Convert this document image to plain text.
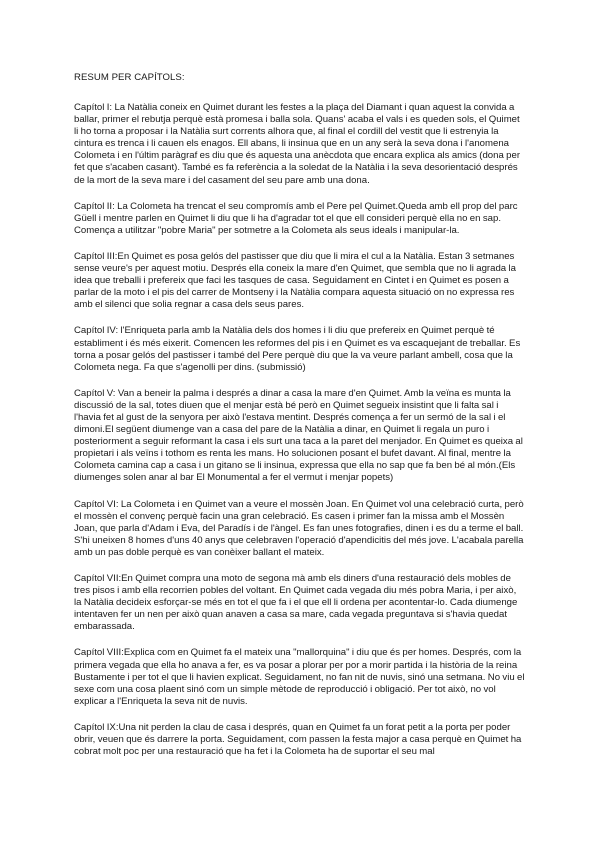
RESUM PER CAPÍTOLS:

Capítol I: La Natàlia coneix en Quimet durant les festes a la plaça del Diamant i quan aquest la convida a ballar, primer el rebutja perquè està promesa i balla sola. Quans' acaba el vals i es queden sols, el Quimet li ho torna a proposar i la Natàlia surt corrents alhora que, al final el cordill del vestit que li estrenyia la cintura es trenca i li cauen els enagos. Ell abans, li insinua que en un any serà la seva dona i l'anomena Colometa i en l'últim paràgraf es diu que és aquesta una anècdota que encara explica als amics (dona per fet que s'acaben casant). També es fa referència a la soledat de la Natàlia i la seva desorientació després de la mort de la seva mare i del casament del seu pare amb una dona.

Capítol II: La Colometa ha trencat el seu compromís amb el Pere pel Quimet.Queda amb ell prop del parc Güell i mentre parlen en Quimet li diu que li ha d'agradar tot el que ell consideri perquè ella no en sap. Comença a utilitzar "pobre Maria" per sotmetre a la Colometa als seus ideals i manipular-la.

Capítol III:En Quimet es posa gelós del pastisser que diu que li mira el cul a la Natàlia. Estan 3 setmanes sense veure's per aquest motiu. Després ella coneix la mare d'en Quimet, que sembla que no li agrada la idea que treballi i prefereix que faci les tasques de casa. Seguidament en Cintet i en Quimet es posen a parlar de la moto i el pis del carrer de Montseny i la Natàlia compara aquesta situació on no expressa res amb el silenci que solia regnar a casa dels seus pares.

Capítol IV: l'Enriqueta parla amb la Natàlia dels dos homes i li diu que prefereix en Quimet perquè té establiment i és més eixerit. Comencen les reformes del pis i en Quimet es va escaquejant de treballar. Es torna a posar gelós del pastisser i també del Pere perquè diu que la va veure parlant ambell, cosa que la Colometa nega. Fa que s'agenolli per dins. (submissió)

Capítol V: Van a beneir la palma i després a dinar a casa la mare d'en Quimet. Amb la veïna es munta la discussió de la sal, totes diuen que el menjar està bé però en Quimet segueix insistint que li falta sal i l'havia fet al gust de la senyora per això l'estava mentint. Després comença a fer un sermó de la sal i el dimoni.El següent diumenge van a casa del pare de la Natàlia a dinar, en Quimet li regala un puro i posteriorment a seguir reformant la casa i els surt una taca a la paret del menjador. En Quimet es queixa al propietari i als veïns i tothom es renta les mans. Ho solucionen posant el bufet davant. Al final, mentre la Colometa camina cap a casa i un gitano se li insinua, expressa que ella no sap que fa ben bé al món.(Els diumenges solen anar al bar El Monumental a fer el vermut i menjar popets)

Capítol VI: La Colometa i en Quimet van a veure el mossèn Joan. En Quimet vol una celebració curta, però el mossèn el convenç perquè facin una gran celebració. Es casen i primer fan la missa amb el Mossèn Joan, que parla d'Adam i Eva, del Paradís i de l'àngel. Es fan unes fotografies, dinen i es du a terme el ball. S'hi uneixen 8 homes d'uns 40 anys que celebraven l'operació d'apendicitis del més jove. L'acabala parella amb un pas doble perquè es van conèixer ballant el mateix.

Capítol VII:En Quimet compra una moto de segona mà amb els diners d'una restauració dels mobles de tres pisos i amb ella recorrien pobles del voltant. En Quimet cada vegada diu més pobra Maria, i per això, la Natàlia decideix esforçar-se més en tot el que fa i el que ell li ordena per acontentar-lo. Cada diumenge intentaven fer un nen per això quan anaven a casa sa mare, cada vegada preguntava si s'havia quedat embarassada.

Capítol VIII:Explica com en Quimet fa el mateix una "mallorquina" i diu que és per homes. Després, com la primera vegada que ella ho anava a fer, es va posar a plorar per por a morir partida i la història de la reina Bustamente i per tot el que li havien explicat. Seguidament, no fan nit de nuvis, sinó una setmana. No viu el sexe com una cosa plaent sinó com un simple mètode de reproducció i obligació. Per tot això, no vol explicar a l'Enriqueta la seva nit de nuvis.

Capítol IX:Una nit perden la clau de casa i després, quan en Quimet fa un forat petit a la porta per poder obrir, veuen que és darrere la porta. Seguidament, com passen la festa major a casa perquè en Quimet ha cobrat molt poc per una restauració que ha fet i la Colometa ha de suportar el seu mal
